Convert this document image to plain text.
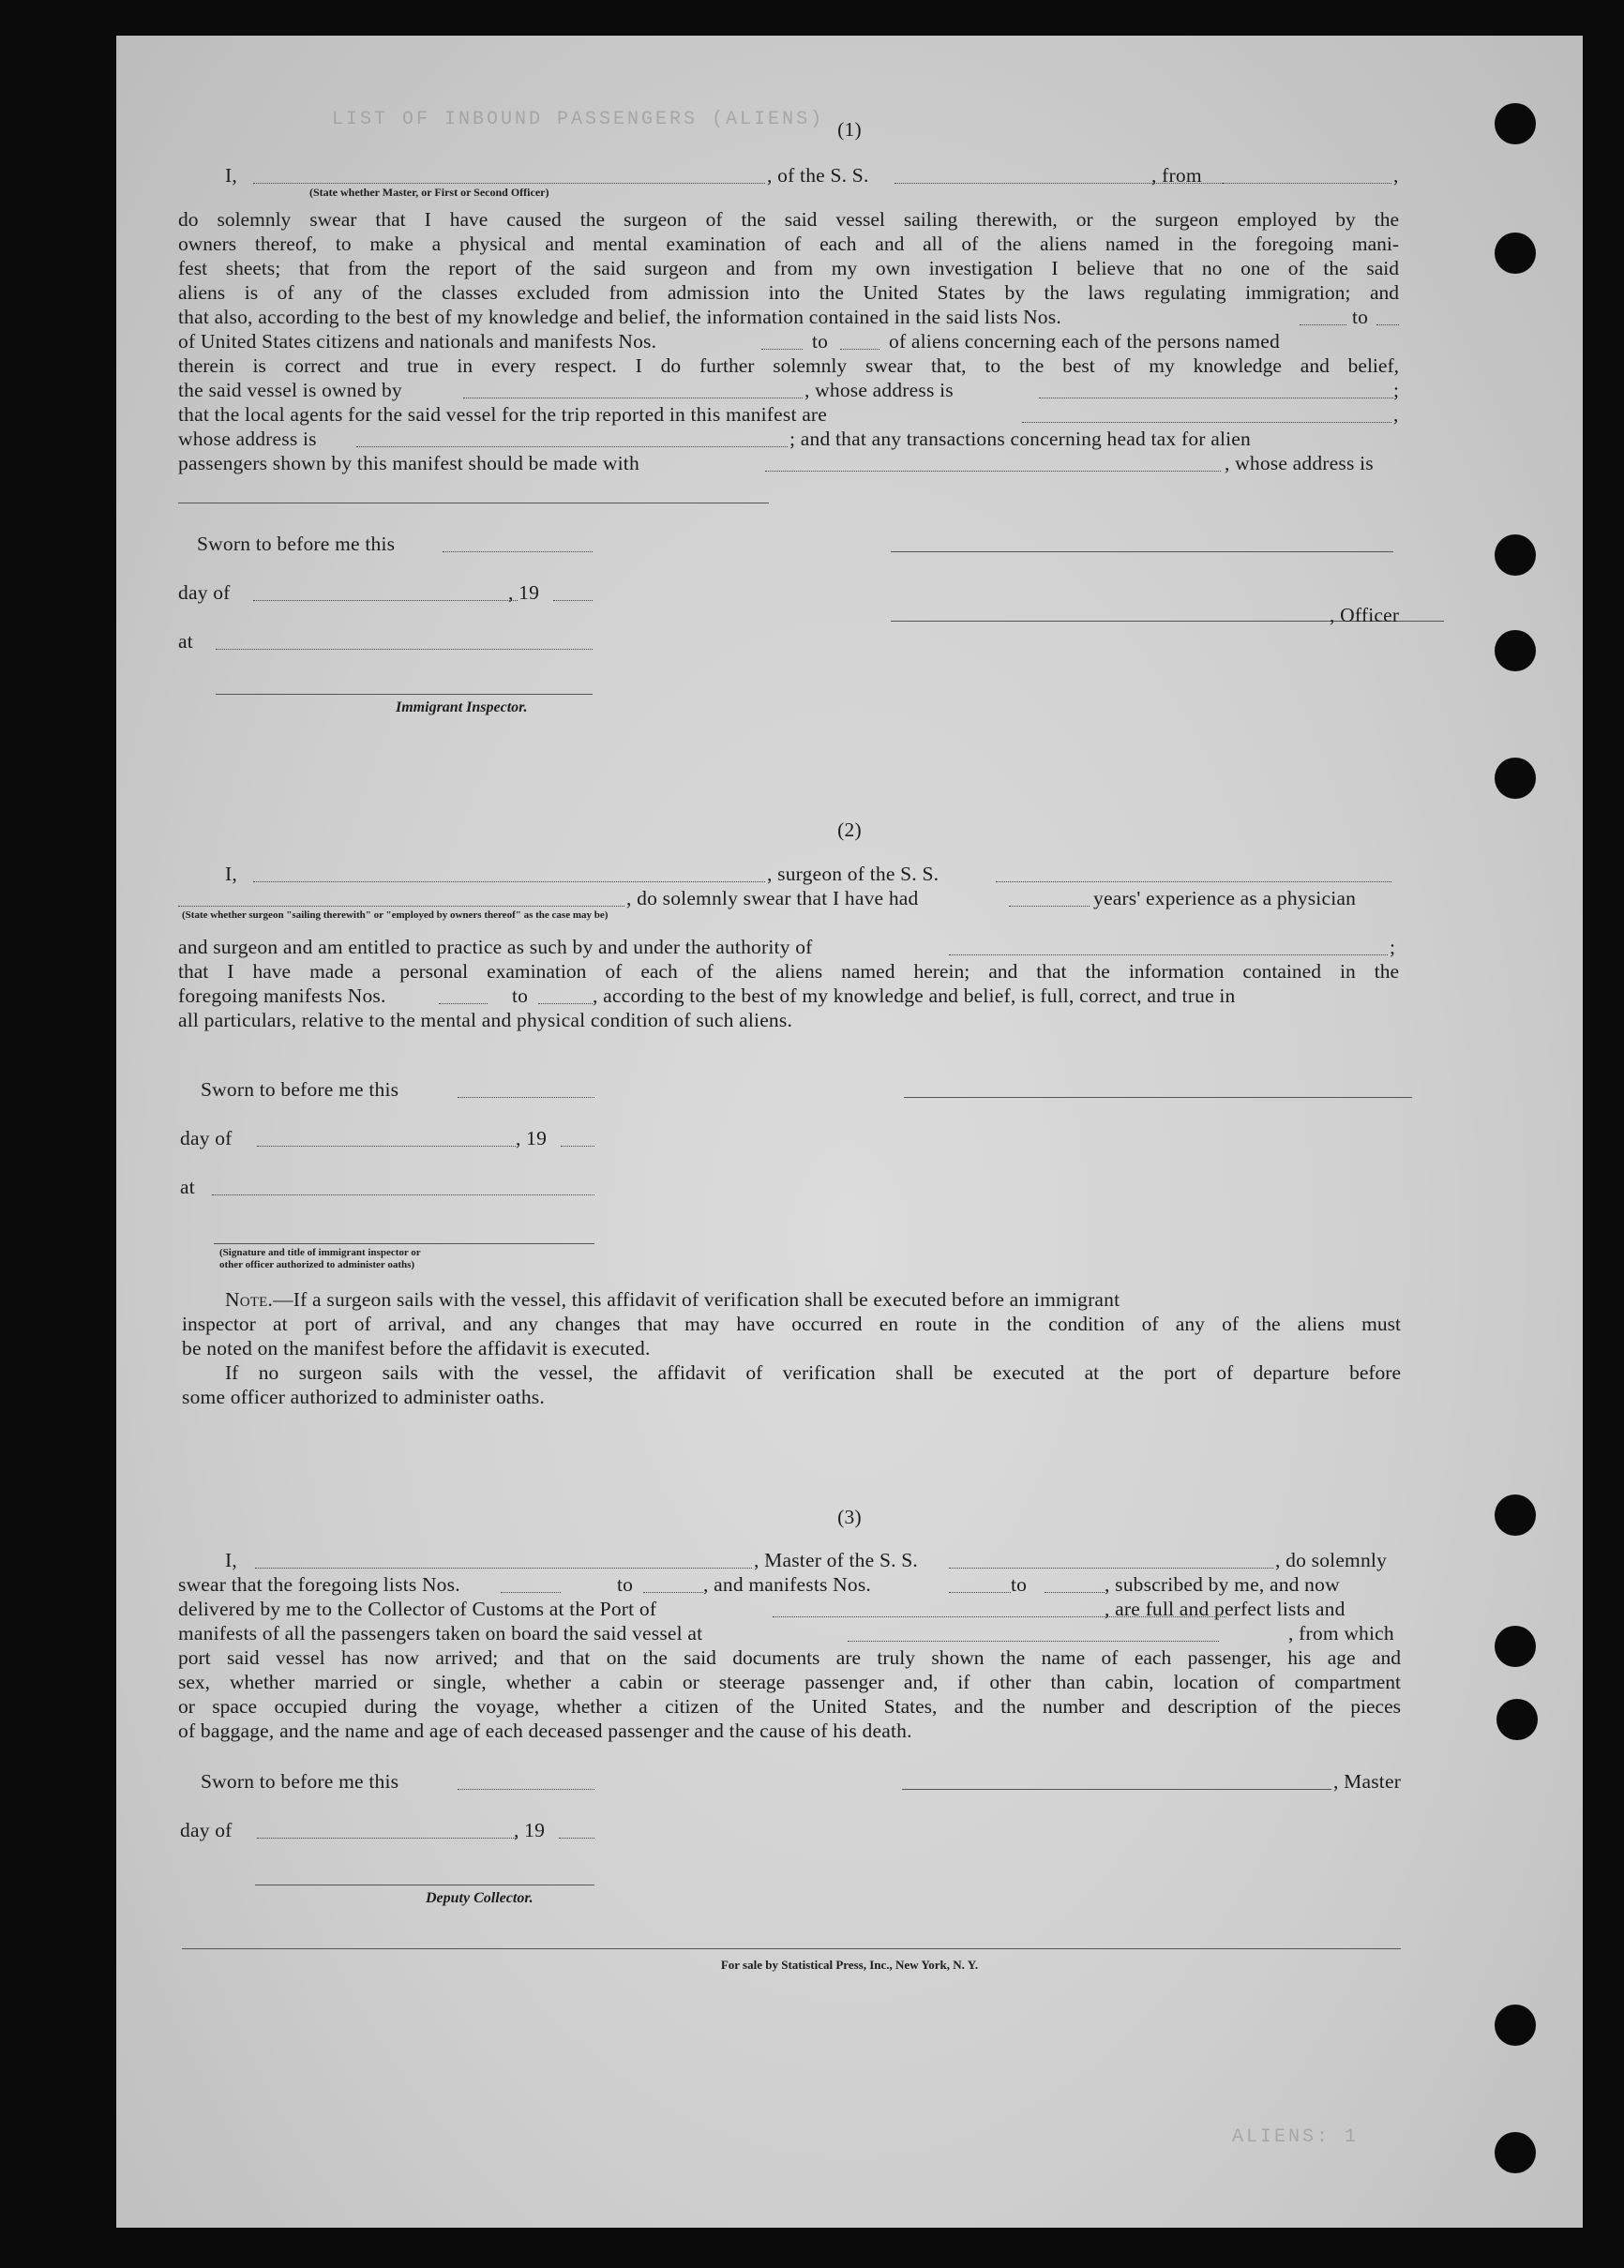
LIST OF INBOUND PASSENGERS (ALIENS)
ALIENS: 1
(1)
I,
(State whether Master, or First or Second Officer)
, of the S. S.	, from	,
do solemnly swear that I have caused the surgeon of the said vessel sailing therewith, or the surgeon employed by the
owners thereof, to make a physical and mental examination of each and all of the aliens named in the foregoing mani-
fest sheets; that from the report of the said surgeon and from my own investigation I believe that no one of the said
aliens is of any of the classes excluded from admission into the United States by the laws regulating immigration; and
that also, according to the best of my knowledge and belief, the information contained in the said lists Nos.	to
of United States citizens and nationals and manifests Nos.	to	of aliens concerning each of the persons named
therein is correct and true in every respect. I do further solemnly swear that, to the best of my knowledge and belief,
the said vessel is owned by	, whose address is	;
that the local agents for the said vessel for the trip reported in this manifest are	,
whose address is	; and that any transactions concerning head tax for alien
passengers shown by this manifest should be made with	, whose address is
Sworn to before me this
day of	, 19
, Officer
at
Immigrant Inspector.
(2)
I,	, surgeon of the S. S.
, do solemnly swear that I have had	years' experience as a physician
(State whether surgeon "sailing therewith" or "employed by owners thereof" as the case may be)
and surgeon and am entitled to practice as such by and under the authority of	;
that I have made a personal examination of each of the aliens named herein; and that the information contained in the
foregoing manifests Nos.	to	, according to the best of my knowledge and belief, is full, correct, and true in
all particulars, relative to the mental and physical condition of such aliens.
Sworn to before me this
day of	, 19
at
(Signature and title of immigrant inspector or
other officer authorized to administer oaths)
Note.—If a surgeon sails with the vessel, this affidavit of verification shall be executed before an immigrant
inspector at port of arrival, and any changes that may have occurred en route in the condition of any of the aliens must
be noted on the manifest before the affidavit is executed.
If no surgeon sails with the vessel, the affidavit of verification shall be executed at the port of departure before
some officer authorized to administer oaths.
(3)
I,	, Master of the S. S.	, do solemnly
swear that the foregoing lists Nos.	to	, and manifests Nos.	to	, subscribed by me, and now
delivered by me to the Collector of Customs at the Port of	, are full and perfect lists and
manifests of all the passengers taken on board the said vessel at	, from which
port said vessel has now arrived; and that on the said documents are truly shown the name of each passenger, his age and
sex, whether married or single, whether a cabin or steerage passenger and, if other than cabin, location of compartment
or space occupied during the voyage, whether a citizen of the United States, and the number and description of the pieces
of baggage, and the name and age of each deceased passenger and the cause of his death.
Sworn to before me this	, Master
day of	, 19
Deputy Collector.
For sale by Statistical Press, Inc., New York, N. Y.
